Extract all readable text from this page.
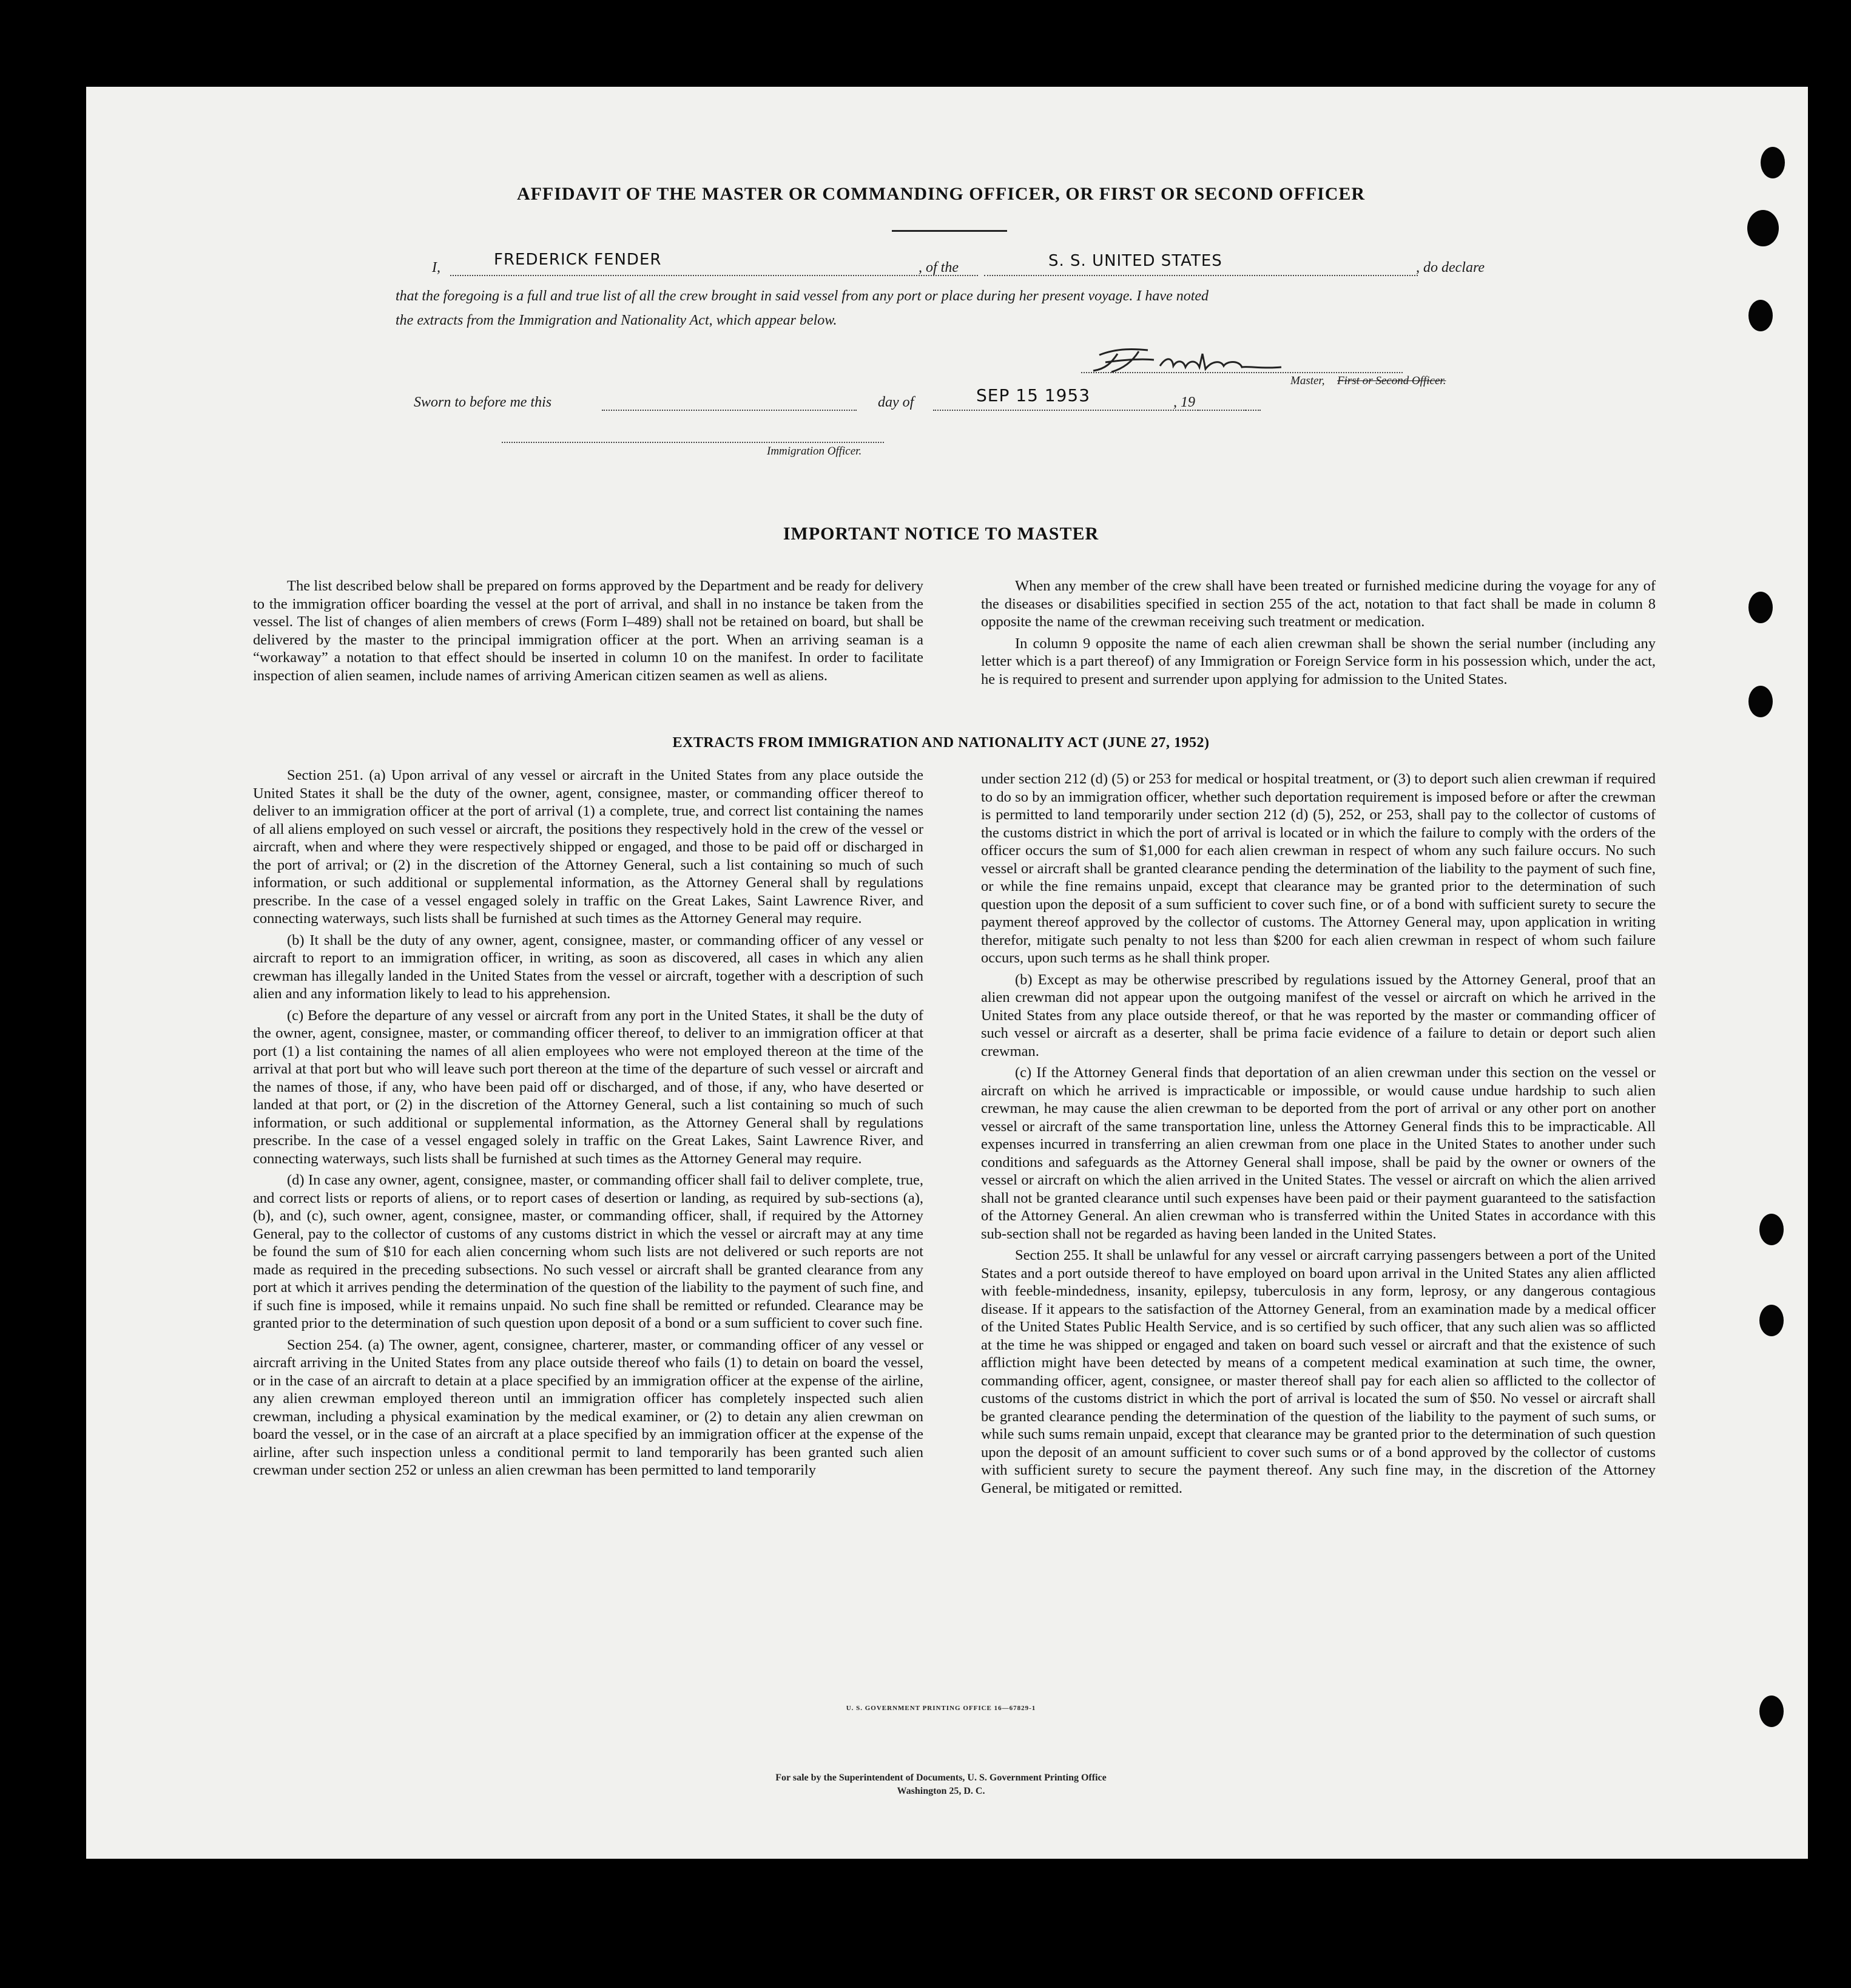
AFFIDAVIT OF THE MASTER OR COMMANDING OFFICER, OR FIRST OR SECOND OFFICER
I,	FREDERICK FENDER	, of the	S. S. UNITED STATES	, do declare
that the foregoing is a full and true list of all the crew brought in said vessel from any port or place during her present voyage. I have noted
the extracts from the Immigration and Nationality Act, which appear below.
Master, First or Second Officer.
Sworn to before me this	day of	SEP 15 1953	, 19
Immigration Officer.
IMPORTANT NOTICE TO MASTER

The list described below shall be prepared on forms approved by the Department and be ready for delivery to the immigration officer boarding the vessel at the port of arrival, and shall in no instance be taken from the vessel. The list of changes of alien members of crews (Form I–489) shall not be retained on board, but shall be delivered by the master to the principal immigration officer at the port. When an arriving seaman is a “workaway” a notation to that effect should be inserted in column 10 on the manifest. In order to facilitate inspection of alien seamen, include names of arriving American citizen seamen as well as aliens.

When any member of the crew shall have been treated or furnished medicine during the voyage for any of the diseases or disabilities specified in section 255 of the act, notation to that fact shall be made in column 8 opposite the name of the crewman receiving such treatment or medication.

In column 9 opposite the name of each alien crewman shall be shown the serial number (including any letter which is a part thereof) of any Immigration or Foreign Service form in his possession which, under the act, he is required to present and surrender upon applying for admission to the United States.

EXTRACTS FROM IMMIGRATION AND NATIONALITY ACT (JUNE 27, 1952)

Section 251. (a) Upon arrival of any vessel or aircraft in the United States from any place outside the United States it shall be the duty of the owner, agent, consignee, master, or commanding officer thereof to deliver to an immigration officer at the port of arrival (1) a complete, true, and correct list containing the names of all aliens employed on such vessel or aircraft, the positions they respectively hold in the crew of the vessel or aircraft, when and where they were respectively shipped or engaged, and those to be paid off or discharged in the port of arrival; or (2) in the discretion of the Attorney General, such a list containing so much of such information, or such additional or supplemental information, as the Attorney General shall by regulations prescribe. In the case of a vessel engaged solely in traffic on the Great Lakes, Saint Lawrence River, and connecting waterways, such lists shall be furnished at such times as the Attorney General may require.

(b) It shall be the duty of any owner, agent, consignee, master, or commanding officer of any vessel or aircraft to report to an immigration officer, in writing, as soon as discovered, all cases in which any alien crewman has illegally landed in the United States from the vessel or aircraft, together with a description of such alien and any information likely to lead to his apprehension.

(c) Before the departure of any vessel or aircraft from any port in the United States, it shall be the duty of the owner, agent, consignee, master, or commanding officer thereof, to deliver to an immigration officer at that port (1) a list containing the names of all alien employees who were not employed thereon at the time of the arrival at that port but who will leave such port thereon at the time of the departure of such vessel or aircraft and the names of those, if any, who have been paid off or discharged, and of those, if any, who have deserted or landed at that port, or (2) in the discretion of the Attorney General, such a list containing so much of such information, or such additional or supplemental information, as the Attorney General shall by regulations prescribe. In the case of a vessel engaged solely in traffic on the Great Lakes, Saint Lawrence River, and connecting waterways, such lists shall be furnished at such times as the Attorney General may require.

(d) In case any owner, agent, consignee, master, or commanding officer shall fail to deliver complete, true, and correct lists or reports of aliens, or to report cases of desertion or landing, as required by sub-sections (a), (b), and (c), such owner, agent, consignee, master, or commanding officer, shall, if required by the Attorney General, pay to the collector of customs of any customs district in which the vessel or aircraft may at any time be found the sum of $10 for each alien concerning whom such lists are not delivered or such reports are not made as required in the preceding subsections. No such vessel or aircraft shall be granted clearance from any port at which it arrives pending the determination of the question of the liability to the payment of such fine, and if such fine is imposed, while it remains unpaid. No such fine shall be remitted or refunded. Clearance may be granted prior to the determination of such question upon deposit of a bond or a sum sufficient to cover such fine.

Section 254. (a) The owner, agent, consignee, charterer, master, or commanding officer of any vessel or aircraft arriving in the United States from any place outside thereof who fails (1) to detain on board the vessel, or in the case of an aircraft to detain at a place specified by an immigration officer at the expense of the airline, any alien crewman employed thereon until an immigration officer has completely inspected such alien crewman, including a physical examination by the medical examiner, or (2) to detain any alien crewman on board the vessel, or in the case of an aircraft at a place specified by an immigration officer at the expense of the airline, after such inspection unless a conditional permit to land temporarily has been granted such alien crewman under section 252 or unless an alien crewman has been permitted to land temporarily

under section 212 (d) (5) or 253 for medical or hospital treatment, or (3) to deport such alien crewman if required to do so by an immigration officer, whether such deportation requirement is imposed before or after the crewman is permitted to land temporarily under section 212 (d) (5), 252, or 253, shall pay to the collector of customs of the customs district in which the port of arrival is located or in which the failure to comply with the orders of the officer occurs the sum of $1,000 for each alien crewman in respect of whom any such failure occurs. No such vessel or aircraft shall be granted clearance pending the determination of the liability to the payment of such fine, or while the fine remains unpaid, except that clearance may be granted prior to the determination of such question upon the deposit of a sum sufficient to cover such fine, or of a bond with sufficient surety to secure the payment thereof approved by the collector of customs. The Attorney General may, upon application in writing therefor, mitigate such penalty to not less than $200 for each alien crewman in respect of whom such failure occurs, upon such terms as he shall think proper.

(b) Except as may be otherwise prescribed by regulations issued by the Attorney General, proof that an alien crewman did not appear upon the outgoing manifest of the vessel or aircraft on which he arrived in the United States from any place outside thereof, or that he was reported by the master or commanding officer of such vessel or aircraft as a deserter, shall be prima facie evidence of a failure to detain or deport such alien crewman.

(c) If the Attorney General finds that deportation of an alien crewman under this section on the vessel or aircraft on which he arrived is impracticable or impossible, or would cause undue hardship to such alien crewman, he may cause the alien crewman to be deported from the port of arrival or any other port on another vessel or aircraft of the same transportation line, unless the Attorney General finds this to be impracticable. All expenses incurred in transferring an alien crewman from one place in the United States to another under such conditions and safeguards as the Attorney General shall impose, shall be paid by the owner or owners of the vessel or aircraft on which the alien arrived in the United States. The vessel or aircraft on which the alien arrived shall not be granted clearance until such expenses have been paid or their payment guaranteed to the satisfaction of the Attorney General. An alien crewman who is transferred within the United States in accordance with this sub-section shall not be regarded as having been landed in the United States.

Section 255. It shall be unlawful for any vessel or aircraft carrying passengers between a port of the United States and a port outside thereof to have employed on board upon arrival in the United States any alien afflicted with feeble-mindedness, insanity, epilepsy, tuberculosis in any form, leprosy, or any dangerous contagious disease. If it appears to the satisfaction of the Attorney General, from an examination made by a medical officer of the United States Public Health Service, and is so certified by such officer, that any such alien was so afflicted at the time he was shipped or engaged and taken on board such vessel or aircraft and that the existence of such affliction might have been detected by means of a competent medical examination at such time, the owner, commanding officer, agent, consignee, or master thereof shall pay for each alien so afflicted to the collector of customs of the customs district in which the port of arrival is located the sum of $50. No vessel or aircraft shall be granted clearance pending the determination of the question of the liability to the payment of such sums, or while such sums remain unpaid, except that clearance may be granted prior to the determination of such question upon the deposit of an amount sufficient to cover such sums or of a bond approved by the collector of customs with sufficient surety to secure the payment thereof. Any such fine may, in the discretion of the Attorney General, be mitigated or remitted.

U. S. GOVERNMENT PRINTING OFFICE 16—67829-1
For sale by the Superintendent of Documents, U. S. Government Printing Office
Washington 25, D. C.
